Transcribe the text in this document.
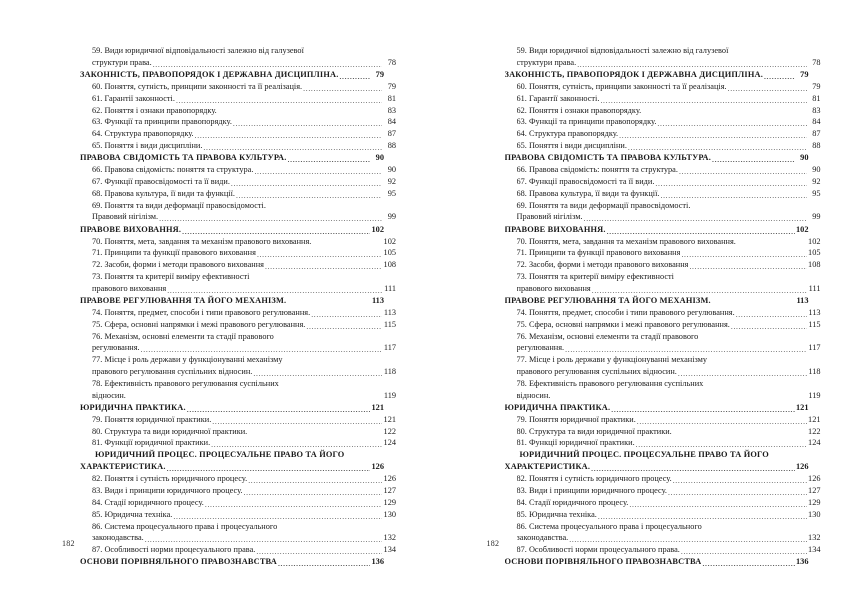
59. Види юридичної відповідальності залежно від галузевої
структури права. .....	78
ЗАКОННІСТЬ, ПРАВОПОРЯДОК І ДЕРЖАВНА ДИСЦИПЛІНА. .....	79
60. Поняття, сутність, принципи законності та її реалізація. .....	79
61. Гарантії законності. .....	81
62. Поняття і ознаки правопорядку. .....	83
63. Функції та принципи правопорядку. .....	84
64. Структура правопорядку. .....	87
65. Поняття і види дисципліни. .....	88
ПРАВОВА СВІДОМІСТЬ ТА ПРАВОВА КУЛЬТУРА. .....	90
66. Правова свідомість: поняття та структура. .....	90
67. Функції правосвідомості та її види. .....	92
68. Правова культура, її види та функції. .....	95
69. Поняття та види деформації правосвідомості.
Правовий нігілізм. .....	99
ПРАВОВЕ ВИХОВАННЯ. .....	102
70. Поняття, мета, завдання та механізм правового виховання. .....	102
71. Принципи та функції правового виховання .....	105
72. Засоби, форми і методи правового виховання .....	108
73. Поняття та критерії виміру ефективності
правового виховання .....	111
ПРАВОВЕ РЕГУЛЮВАННЯ ТА ЙОГО МЕХАНІЗМ.	113
74. Поняття, предмет, способи і типи правового регулювання. .....	113
75. Сфера, основні напрямки і межі правового регулювання. .....	115
76. Механізм, основні елементи та стадії правового
регулювання. .....	117
77. Місце і роль держави у функціонуванні механізму
правового регулювання суспільних відносин. .....	118
78. Ефективність правового регулювання суспільних
відносин. .....	119
ЮРИДИЧНА ПРАКТИКА. .....	121
79. Поняття юридичної практики. .....	121
80. Структура та види юридичної практики. .....	122
81. Функції юридичної практики. .....	124
ЮРИДИЧНИЙ ПРОЦЕС. ПРОЦЕСУАЛЬНЕ ПРАВО ТА ЙОГО
ХАРАКТЕРИСТИКА. .....	126
82. Поняття і сутність юридичного процесу. .....	126
83. Види і принципи юридичного процесу. .....	127
84. Стадії юридичного процесу. .....	129
85. Юридична техніка. .....	130
86. Система процесуального права і процесуального
законодавства. .....	132
87. Особливості норми процесуального права. .....	134
ОСНОВИ ПОРІВНЯЛЬНОГО ПРАВОЗНАВСТВА .....	136
182
59. Види юридичної відповідальності залежно від галузевої
структури права. .....	78
ЗАКОННІСТЬ, ПРАВОПОРЯДОК І ДЕРЖАВНА ДИСЦИПЛІНА. .....	79
60. Поняття, сутність, принципи законності та її реалізація. .....	79
61. Гарантії законності. .....	81
62. Поняття і ознаки правопорядку. .....	83
63. Функції та принципи правопорядку. .....	84
64. Структура правопорядку. .....	87
65. Поняття і види дисципліни. .....	88
ПРАВОВА СВІДОМІСТЬ ТА ПРАВОВА КУЛЬТУРА. .....	90
66. Правова свідомість: поняття та структура. .....	90
67. Функції правосвідомості та її види. .....	92
68. Правова культура, її види та функції. .....	95
69. Поняття та види деформації правосвідомості.
Правовий нігілізм. .....	99
ПРАВОВЕ ВИХОВАННЯ. .....	102
70. Поняття, мета, завдання та механізм правового виховання. .....	102
71. Принципи та функції правового виховання .....	105
72. Засоби, форми і методи правового виховання .....	108
73. Поняття та критерії виміру ефективності
правового виховання .....	111
ПРАВОВЕ РЕГУЛЮВАННЯ ТА ЙОГО МЕХАНІЗМ.	113
74. Поняття, предмет, способи і типи правового регулювання. .....	113
75. Сфера, основні напрямки і межі правового регулювання. .....	115
76. Механізм, основні елементи та стадії правового
регулювання. .....	117
77. Місце і роль держави у функціонуванні механізму
правового регулювання суспільних відносин. .....	118
78. Ефективність правового регулювання суспільних
відносин. .....	119
ЮРИДИЧНА ПРАКТИКА. .....	121
79. Поняття юридичної практики. .....	121
80. Структура та види юридичної практики. .....	122
81. Функції юридичної практики. .....	124
ЮРИДИЧНИЙ ПРОЦЕС. ПРОЦЕСУАЛЬНЕ ПРАВО ТА ЙОГО
ХАРАКТЕРИСТИКА. .....	126
82. Поняття і сутність юридичного процесу. .....	126
83. Види і принципи юридичного процесу. .....	127
84. Стадії юридичного процесу. .....	129
85. Юридична техніка. .....	130
86. Система процесуального права і процесуального
законодавства. .....	132
87. Особливості норми процесуального права. .....	134
ОСНОВИ ПОРІВНЯЛЬНОГО ПРАВОЗНАВСТВА .....	136
182
